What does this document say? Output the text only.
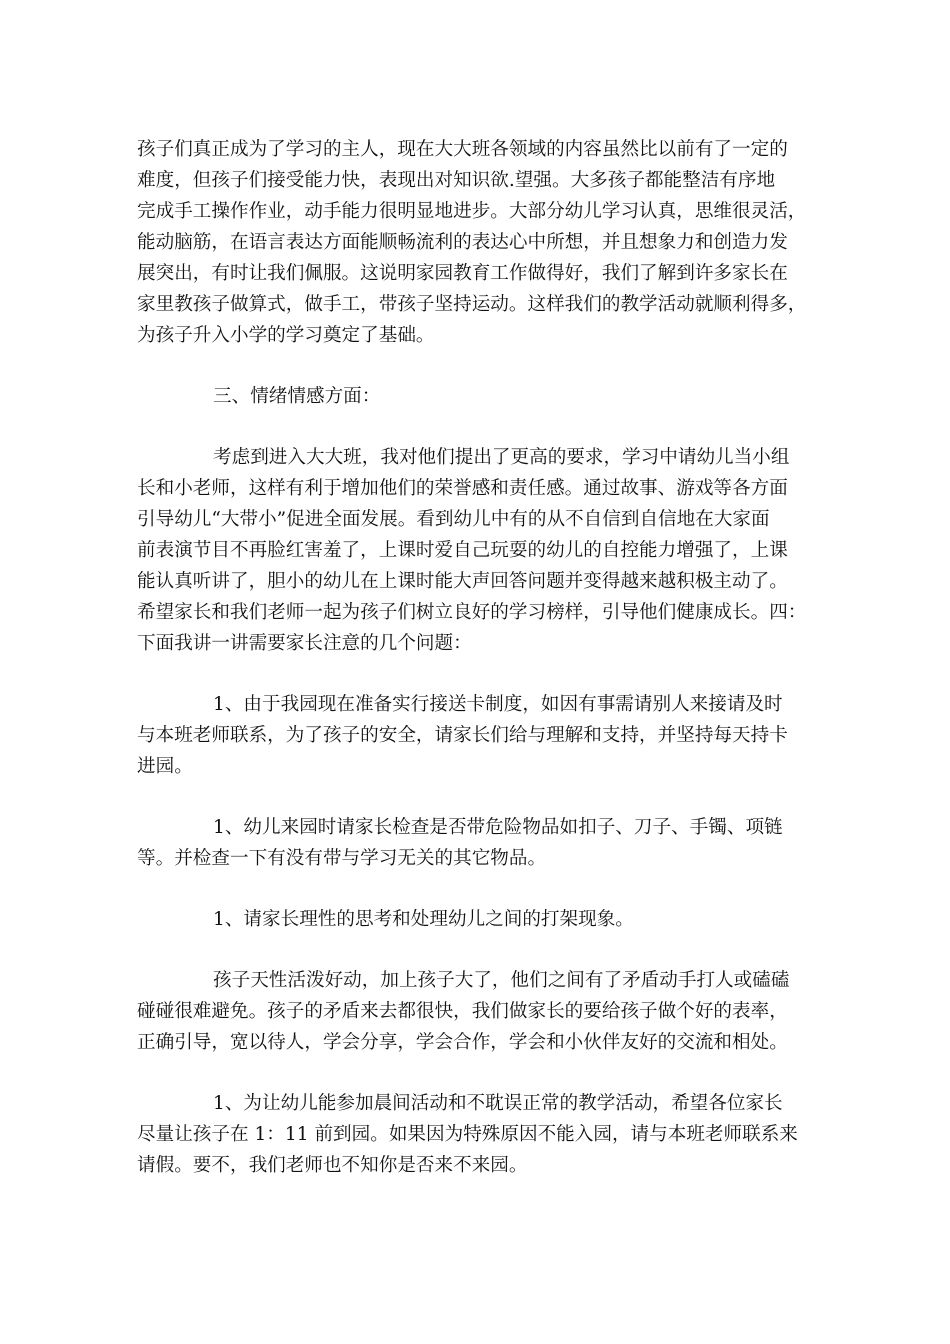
孩子们真正成为了学习的主人，现在大大班各领域的内容虽然比以前有了一定的
难度，但孩子们接受能力快，表现出对知识欲.望强。大多孩子都能整洁有序地
完成手工操作作业，动手能力很明显地进步。大部分幼儿学习认真，思维很灵活，
能动脑筋，在语言表达方面能顺畅流利的表达心中所想，并且想象力和创造力发
展突出，有时让我们佩服。这说明家园教育工作做得好，我们了解到许多家长在
家里教孩子做算式，做手工，带孩子坚持运动。这样我们的教学活动就顺利得多，
为孩子升入小学的学习奠定了基础。
三、情绪情感方面：
考虑到进入大大班，我对他们提出了更高的要求，学习中请幼儿当小组
长和小老师，这样有利于增加他们的荣誉感和责任感。通过故事、游戏等各方面
引导幼儿“大带小”促进全面发展。看到幼儿中有的从不自信到自信地在大家面
前表演节目不再脸红害羞了，上课时爱自己玩耍的幼儿的自控能力增强了，上课
能认真听讲了，胆小的幼儿在上课时能大声回答问题并变得越来越积极主动了。
希望家长和我们老师一起为孩子们树立良好的学习榜样，引导他们健康成长。四：
下面我讲一讲需要家长注意的几个问题：
1、由于我园现在准备实行接送卡制度，如因有事需请别人来接请及时
与本班老师联系，为了孩子的安全，请家长们给与理解和支持，并坚持每天持卡
进园。
1、幼儿来园时请家长检查是否带危险物品如扣子、刀子、手镯、项链
等。并检查一下有没有带与学习无关的其它物品。
1、请家长理性的思考和处理幼儿之间的打架现象。
孩子天性活泼好动，加上孩子大了，他们之间有了矛盾动手打人或磕磕
碰碰很难避免。孩子的矛盾来去都很快，我们做家长的要给孩子做个好的表率，
正确引导，宽以待人，学会分享，学会合作，学会和小伙伴友好的交流和相处。
1、为让幼儿能参加晨间活动和不耽误正常的教学活动，希望各位家长
尽量让孩子在 1：11 前到园。如果因为特殊原因不能入园，请与本班老师联系来
请假。要不，我们老师也不知你是否来不来园。
